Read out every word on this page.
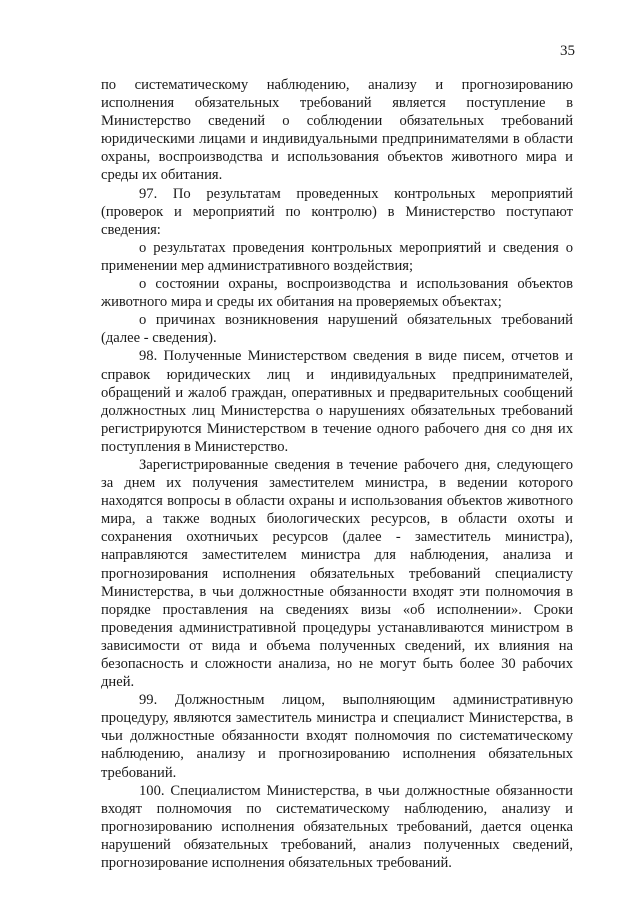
35

по систематическому наблюдению, анализу и прогнозированию исполнения обязательных требований является поступление в Министерство сведений о соблюдении обязательных требований юридическими лицами и индивидуальными предпринимателями в области охраны, воспроизводства и использования объектов животного мира и среды их обитания.

97. По результатам проведенных контрольных мероприятий (проверок и мероприятий по контролю) в Министерство поступают сведения:

о результатах проведения контрольных мероприятий и сведения о применении мер административного воздействия;

о состоянии охраны, воспроизводства и использования объектов животного мира и среды их обитания на проверяемых объектах;

о причинах возникновения нарушений обязательных требований (далее - сведения).

98. Полученные Министерством сведения в виде писем, отчетов и справок юридических лиц и индивидуальных предпринимателей, обращений и жалоб граждан, оперативных и предварительных сообщений должностных лиц Министерства о нарушениях обязательных требований регистрируются Министерством в течение одного рабочего дня со дня их поступления в Министерство.

Зарегистрированные сведения в течение рабочего дня, следующего за днем их получения заместителем министра, в ведении которого находятся вопросы в области охраны и использования объектов животного мира, а также водных биологических ресурсов, в области охоты и сохранения охотничьих ресурсов (далее - заместитель министра), направляются заместителем министра для наблюдения, анализа и прогнозирования исполнения обязательных требований специалисту Министерства, в чьи должностные обязанности входят эти полномочия в порядке проставления на сведениях визы «об исполнении». Сроки проведения административной процедуры устанавливаются министром в зависимости от вида и объема полученных сведений, их влияния на безопасность и сложности анализа, но не могут быть более 30 рабочих дней.

99. Должностным лицом, выполняющим административную процедуру, являются заместитель министра и специалист Министерства, в чьи должностные обязанности входят полномочия по систематическому наблюдению, анализу и прогнозированию исполнения обязательных требований.

100. Специалистом Министерства, в чьи должностные обязанности входят полномочия по систематическому наблюдению, анализу и прогнозированию исполнения обязательных требований, дается оценка нарушений обязательных требований, анализ полученных сведений, прогнозирование исполнения обязательных требований.
